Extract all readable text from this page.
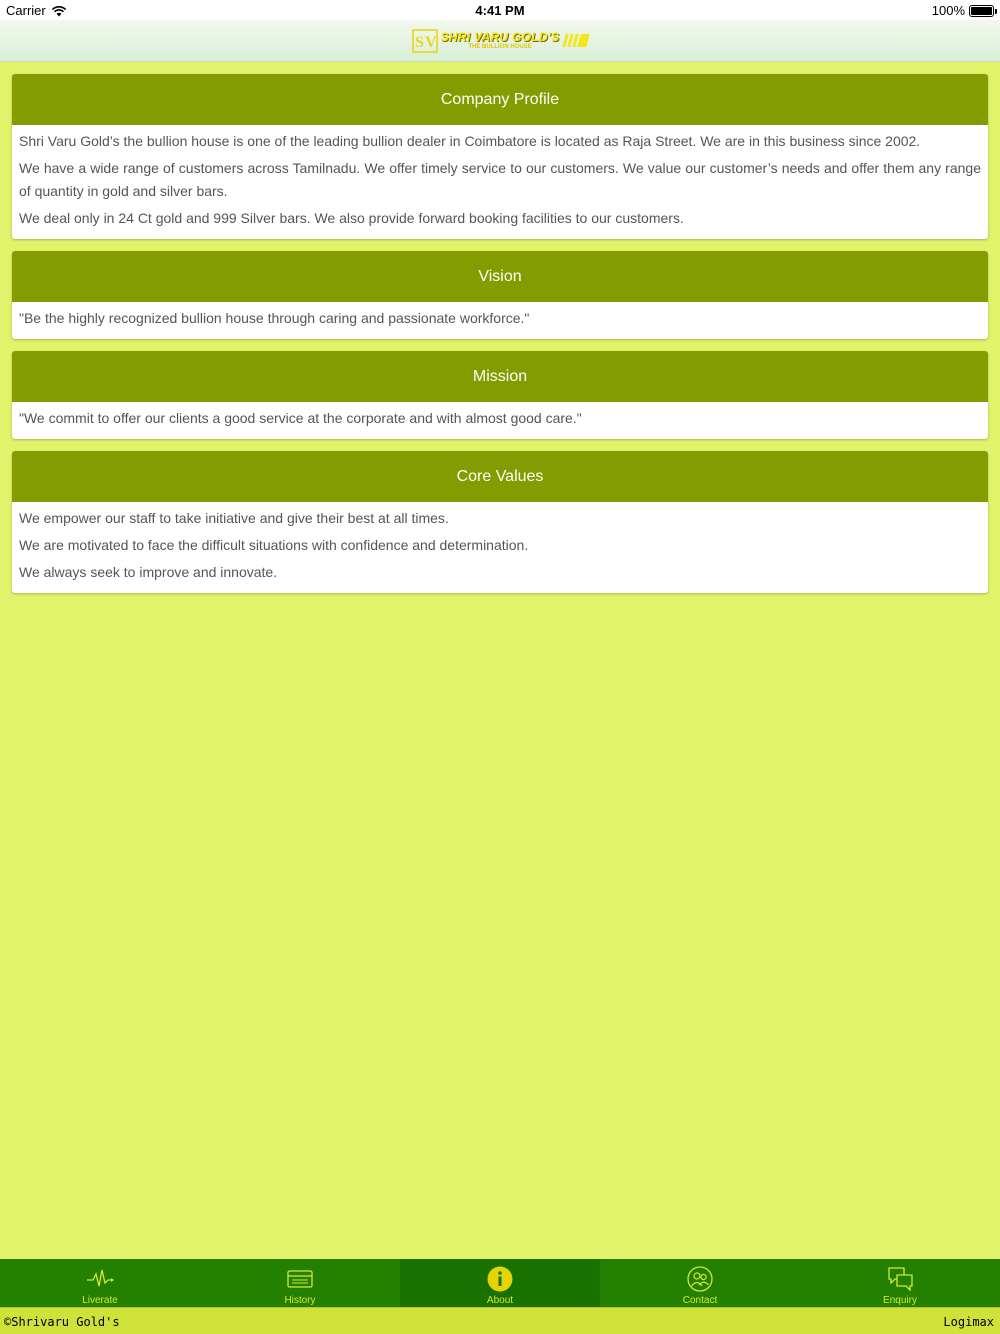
Carrier	4:41 PM	100%
S V SHRI VARU GOLD'S
THE BULLION HOUSE
Company Profile

Shri Varu Gold’s the bullion house is one of the leading bullion dealer in Coimbatore is located as Raja Street. We are in this business since 2002.

We have a wide range of customers across Tamilnadu. We offer timely service to our customers. We value our customer’s needs and offer them any range of quantity in gold and silver bars.

We deal only in 24 Ct gold and 999 Silver bars. We also provide forward booking facilities to our customers.

Vision

"Be the highly recognized bullion house through caring and passionate workforce."

Mission

"We commit to offer our clients a good service at the corporate and with almost good care."

Core Values

We empower our staff to take initiative and give their best at all times.

We are motivated to face the difficult situations with confidence and determination.

We always seek to improve and innovate.

Liverate	History	About	Contact	Enquiry
©Shrivaru Gold's	Logimax
